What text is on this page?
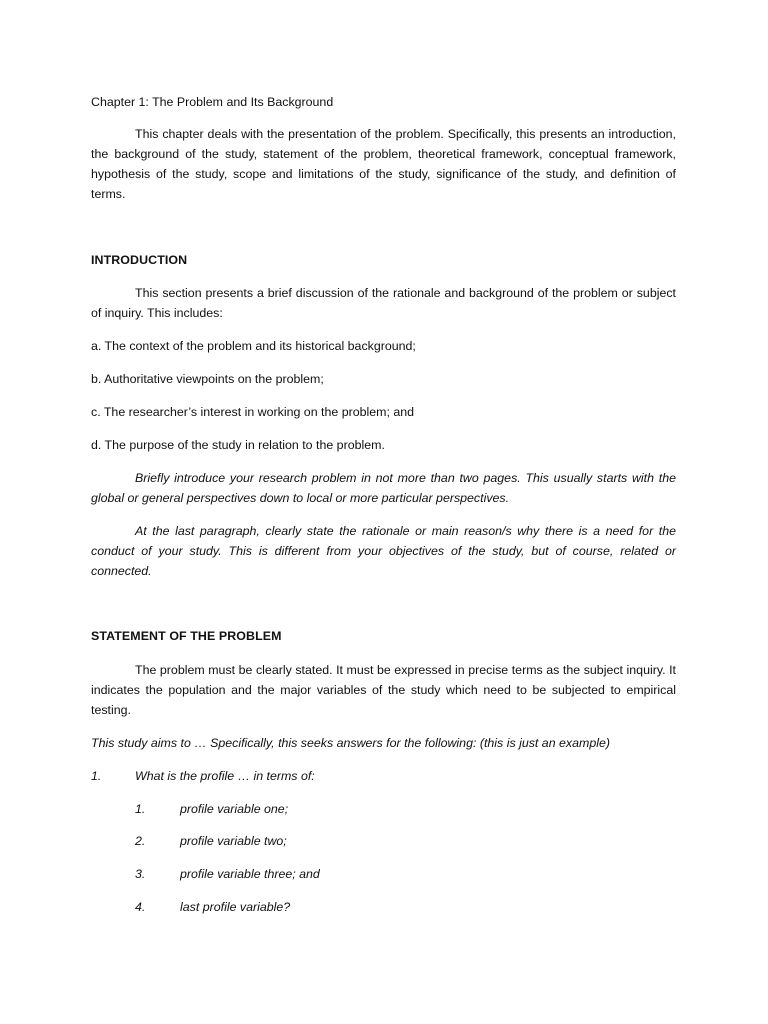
Chapter 1: The Problem and Its Background

This chapter deals with the presentation of the problem. Specifically, this presents an introduction, the background of the study, statement of the problem, theoretical framework, conceptual framework, hypothesis of the study, scope and limitations of the study, significance of the study, and definition of terms.

INTRODUCTION

This section presents a brief discussion of the rationale and background of the problem or subject of inquiry. This includes:

a. The context of the problem and its historical background;

b. Authoritative viewpoints on the problem;

c. The researcher’s interest in working on the problem; and

d. The purpose of the study in relation to the problem.

Briefly introduce your research problem in not more than two pages. This usually starts with the global or general perspectives down to local or more particular perspectives.

At the last paragraph, clearly state the rationale or main reason/s why there is a need for the conduct of your study. This is different from your objectives of the study, but of course, related or connected.

STATEMENT OF THE PROBLEM

The problem must be clearly stated. It must be expressed in precise terms as the subject inquiry. It indicates the population and the major variables of the study which need to be subjected to empirical testing.

This study aims to … Specifically, this seeks answers for the following: (this is just an example)

1.	What is the profile … in terms of:
1.	profile variable one;
2.	profile variable two;
3.	profile variable three; and
4.	last profile variable?
